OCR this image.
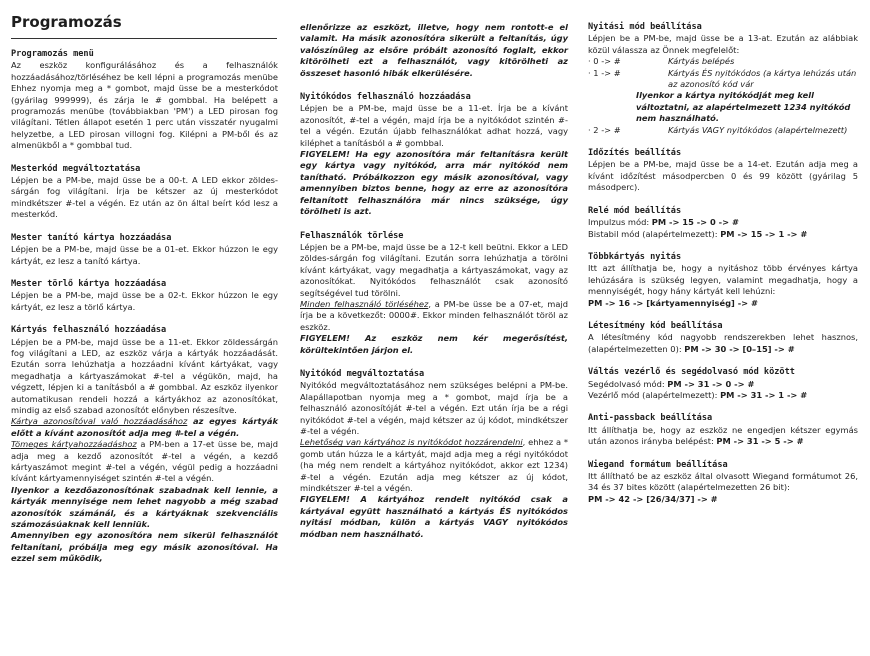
Programozás
Programozás menü

Az eszköz konfigurálásához és a felhasználók hozzáadásához/törléséhez be kell lépni a programozás menübe Ehhez nyomja meg a * gombot, majd üsse be a mesterkódot (gyárilag 999999), és zárja le # gombbal. Ha belépett a programozás menübe (továbbiakban 'PM') a LED pirosan fog világítani. Tétlen állapot esetén 1 perc után visszatér nyugalmi helyzetbe, a LED pirosan villogni fog. Kilépni a PM-ből és az almenükből a * gombbal tud.

Mesterkód megváltoztatása

Lépjen be a PM-be, majd üsse be a 00-t. A LED ekkor zöldes-sárgán fog világítani. Írja be kétszer az új mesterkódot mindkétszer #-tel a végén. Ez után az ön által beírt kód lesz a mesterkód.

Mester tanító kártya hozzáadása

Lépjen be a PM-be, majd üsse be a 01-et. Ekkor húzzon le egy kártyát, ez lesz a tanító kártya.

Mester törlő kártya hozzáadása

Lépjen be a PM-be, majd üsse be a 02-t. Ekkor húzzon le egy kártyát, ez lesz a törlő kártya.

Kártyás felhasználó hozzáadása

Lépjen be a PM-be, majd üsse be a 11-et. Ekkor zöldessárgán fog világítani a LED, az eszköz várja a kártyák hozzáadását. Ezután sorra lehúzhatja a hozzáadni kívánt kártyákat, vagy megadhatja a kártyaszámokat #-tel a végükön, majd, ha végzett, lépjen ki a tanításból a # gombbal. Az eszköz ilyenkor automatikusan rendeli hozzá a kártyákhoz az azonosítókat, mindig az első szabad azonosítót előnyben részesítve.

Kártya azonosítóval való hozzáadásához az egyes kártyák előtt a kívánt azonosítót adja meg #-tel a végén.

Tömeges kártyahozzáadáshoz a PM-ben a 17-et üsse be, majd adja meg a kezdő azonosítót #-tel a végén, a kezdő kártyaszámot megint #-tel a végén, végül pedig a hozzáadni kívánt kártyamennyiséget szintén #-tel a végén.

Ilyenkor a kezdőazonosítónak szabadnak kell lennie, a kártyák mennyisége nem lehet nagyobb a még szabad azonosítók számánál, és a kártyáknak szekvenciális számozásúaknak kell lenniük.

Amennyiben egy azonosítóra nem sikerül felhasználót feltanítani, próbálja meg egy másik azonosítóval. Ha ezzel sem működik,

ellenőrizze az eszközt, illetve, hogy nem rontott-e el valamit. Ha másik azonosítóra sikerült a feltanítás, úgy valószínűleg az elsőre próbált azonosító foglalt, ekkor kitörölheti ezt a felhasználót, vagy kitörölheti az összeset hasonló hibák elkerülésére.

Nyitókódos felhasználó hozzáadása

Lépjen be a PM-be, majd üsse be a 11-et. Írja be a kívánt azonosítót, #-tel a végén, majd írja be a nyitókódot szintén #-tel a végén. Ezután újabb felhasználókat adhat hozzá, vagy kiléphet a tanításból a # gombbal.

FIGYELEM! Ha egy azonosítóra már feltanításra került egy kártya vagy nyitókód, arra már nyitókód nem tanítható. Próbálkozzon egy másik azonosítóval, vagy amennyiben biztos benne, hogy az erre az azonosítóra feltanított felhasználóra már nincs szüksége, úgy törölheti is azt.

Felhasználók törlése

Lépjen be a PM-be, majd üsse be a 12-t kell beütni. Ekkor a LED zöldes-sárgán fog világítani. Ezután sorra lehúzhatja a törölni kívánt kártyákat, vagy megadhatja a kártyaszámokat, vagy az azonosítókat. Nyitókódos felhasználót csak azonosító segítségével tud törölni.

Minden felhasználó törléséhez, a PM-be üsse be a 07-et, majd írja be a következőt: 0000#. Ekkor minden felhasználót töröl az eszköz.

FIGYELEM! Az eszköz nem kér megerősítést, körültekintően járjon el.

Nyitókód megváltoztatása

Nyitókód megváltoztatásához nem szükséges belépni a PM-be. Alapállapotban nyomja meg a * gombot, majd írja be a felhasználó azonosítóját #-tel a végén. Ezt után írja be a régi nyitókódot #-tel a végén, majd kétszer az új kódot, mindkétszer #-tel a végén.

Lehetőség van kártyához is nyitókódot hozzárendelni, ehhez a * gomb után húzza le a kártyát, majd adja meg a régi nyitókódot (ha még nem rendelt a kártyához nyitókódot, akkor ezt 1234) #-tel a végén. Ezután adja meg kétszer az új kódot, mindkétszer #-tel a végén.

FIGYELEM! A kártyához rendelt nyitókód csak a kártyával együtt használható a kártyás ÉS nyitókódos nyitási módban, külön a kártyás VAGY nyitókódos módban nem használható.

Nyitási mód beállítása

Lépjen be a PM-be, majd üsse be a 13-at. Ezután az alábbiak közül válassza az Önnek megfelelőt:

· 0 -> #	Kártyás belépés
· 1 -> #	Kártyás ÉS nyitókódos (a kártya lehúzás után az azonosító kód vár

Ilyenkor a kártya nyitókódját meg kell változtatni, az alapértelmezett 1234 nyitókód nem használható.

· 2 -> #	Kártyás VAGY nyitókódos (alapértelmezett)
Időzítés beállítás

Lépjen be a PM-be, majd üsse be a 14-et. Ezután adja meg a kívánt időzítést másodpercben 0 és 99 között (gyárilag 5 másodperc).

Relé mód beállítás

Impulzus mód: PM -> 15 -> 0 -> #

Bistabil mód (alapértelmezett): PM -> 15 -> 1 -> #

Többkártyás nyitás

Itt azt állíthatja be, hogy a nyitáshoz több érvényes kártya lehúzására is szükség legyen, valamint megadhatja, hogy a mennyiségét, hogy hány kártyát kell lehúzni:

PM -> 16 -> [kártyamennyiség] -> #

Létesítmény kód beállítása

A létesítmény kód nagyobb rendszerekben lehet hasznos, (alapértelmezetten 0): PM -> 30 -> [0–15] -> #

Váltás vezérlő és segédolvasó mód között

Segédolvasó mód: PM -> 31 -> 0 -> #

Vezérlő mód (alapértelmezett): PM -> 31 -> 1 -> #

Anti-passback beállítása

Itt állíthatja be, hogy az eszköz ne engedjen kétszer egymás után azonos irányba belépést: PM -> 31 -> 5 -> #

Wiegand formátum beállítása

Itt állítható be az eszköz által olvasott Wiegand formátumot 26, 34 és 37 bites között (alapértelmezetten 26 bit):

PM -> 42 -> [26/34/37] -> #
